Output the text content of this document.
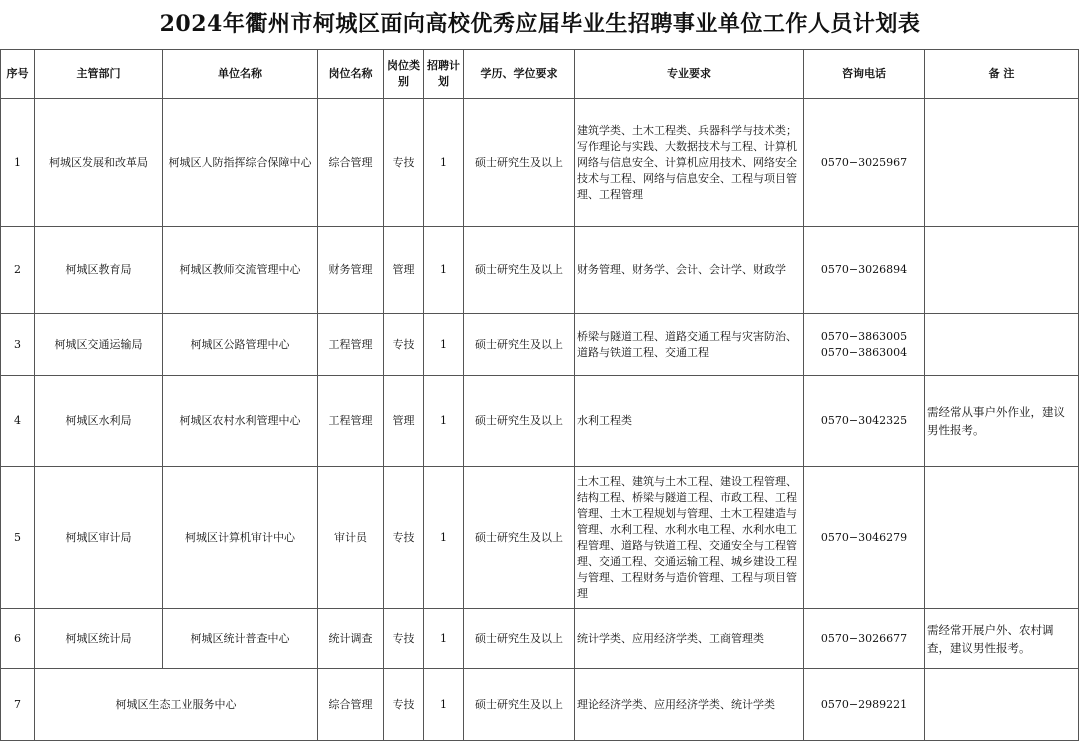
2024年衢州市柯城区面向高校优秀应届毕业生招聘事业单位工作人员计划表
序号	主管部门	单位名称	岗位名称	岗位类别	招聘计划	学历、学位要求	专业要求	咨询电话	备 注
1	柯城区发展和改革局	柯城区人防指挥综合保障中心	综合管理	专技	1	硕士研究生及以上	建筑学类、土木工程类、兵器科学与技术类；写作理论与实践、大数据技术与工程、计算机网络与信息安全、计算机应用技术、网络安全技术与工程、网络与信息安全、工程与项目管理、工程管理	0570−3025967	

2	柯城区教育局	柯城区教师交流管理中心	财务管理	管理	1	硕士研究生及以上	财务管理、财务学、会计、会计学、财政学	0570−3026894	

3	柯城区交通运输局	柯城区公路管理中心	工程管理	专技	1	硕士研究生及以上	桥梁与隧道工程、道路交通工程与灾害防治、道路与铁道工程、交通工程	0570−3863005
0570−3863004	

4	柯城区水利局	柯城区农村水利管理中心	工程管理	管理	1	硕士研究生及以上	水利工程类	0570−3042325	需经常从事户外作业，建议男性报考。
5	柯城区审计局	柯城区计算机审计中心	审计员	专技	1	硕士研究生及以上	土木工程、建筑与土木工程、建设工程管理、结构工程、桥梁与隧道工程、市政工程、工程管理、土木工程规划与管理、土木工程建造与管理、水利工程、水利水电工程、水利水电工程管理、道路与铁道工程、交通安全与工程管理、交通工程、交通运输工程、城乡建设工程与管理、工程财务与造价管理、工程与项目管理	0570−3046279	

6	柯城区统计局	柯城区统计普查中心	统计调查	专技	1	硕士研究生及以上	统计学类、应用经济学类、工商管理类	0570−3026677	需经常开展户外、农村调查，建议男性报考。
7	柯城区生态工业服务中心		综合管理	专技	1	硕士研究生及以上	理论经济学类、应用经济学类、统计学类	0570−2989221	
